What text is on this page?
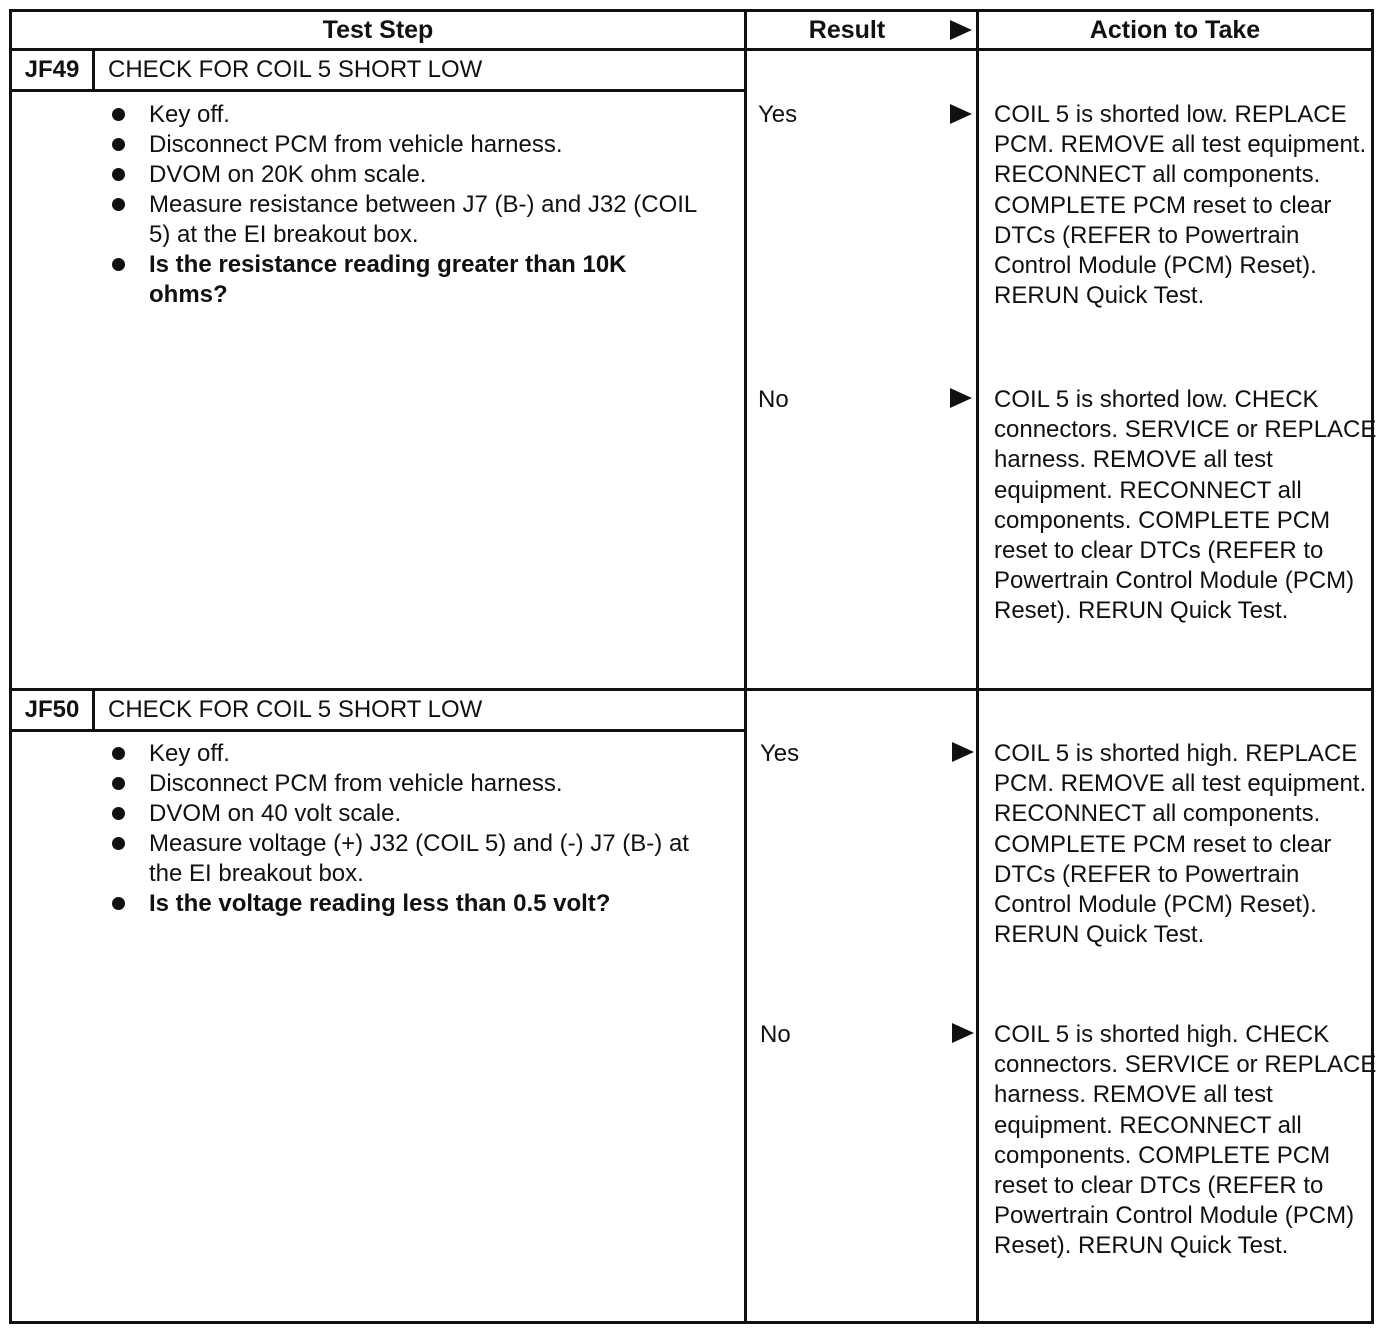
Test Step	Result	Action to Take
JF49	CHECK FOR COIL 5 SHORT LOW
Key off.
Disconnect PCM from vehicle harness.
DVOM on 20K ohm scale.
Measure resistance between J7 (B-) and J32 (COIL 5) at the EI breakout box.
Is the resistance reading greater than 10K ohms?
Yes	COIL 5 is shorted low. REPLACE PCM. REMOVE all test equipment. RECONNECT all components. COMPLETE PCM reset to clear DTCs (REFER to Powertrain Control Module (PCM) Reset). RERUN Quick Test.
No	COIL 5 is shorted low. CHECK connectors. SERVICE or REPLACE harness. REMOVE all test equipment. RECONNECT all components. COMPLETE PCM reset to clear DTCs (REFER to Powertrain Control Module (PCM) Reset). RERUN Quick Test.
JF50	CHECK FOR COIL 5 SHORT LOW
Key off.
Disconnect PCM from vehicle harness.
DVOM on 40 volt scale.
Measure voltage (+) J32 (COIL 5) and (-) J7 (B-) at the EI breakout box.
Is the voltage reading less than 0.5 volt?
Yes	COIL 5 is shorted high. REPLACE PCM. REMOVE all test equipment. RECONNECT all components. COMPLETE PCM reset to clear DTCs (REFER to Powertrain Control Module (PCM) Reset). RERUN Quick Test.
No	COIL 5 is shorted high. CHECK connectors. SERVICE or REPLACE harness. REMOVE all test equipment. RECONNECT all components. COMPLETE PCM reset to clear DTCs (REFER to Powertrain Control Module (PCM) Reset). RERUN Quick Test.
